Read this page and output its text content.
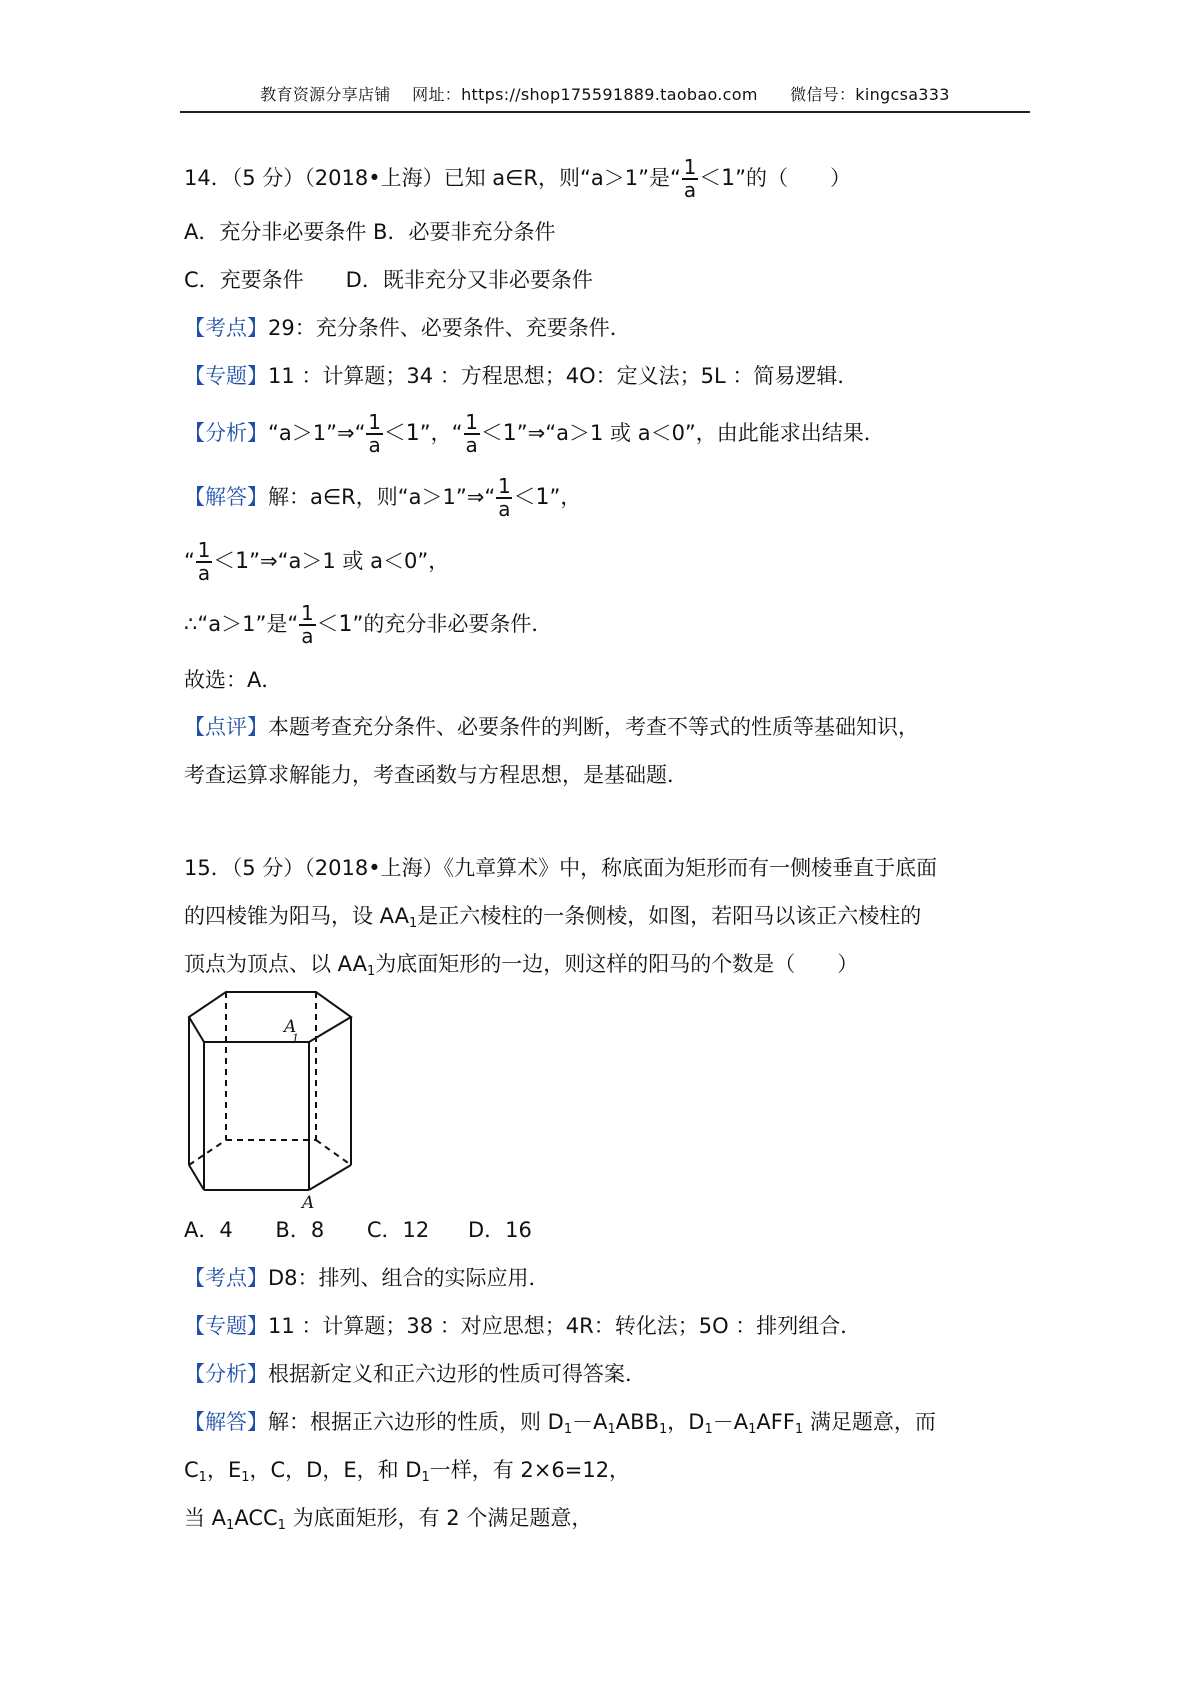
教育资源分享店铺    网址：https://shop175591889.taobao.com      微信号：kingcsa333
14．（5 分）（2018•上海）已知 a∈R，则“a＞1”是“ $\frac{1}{a} <1$”的（　　）
A．充分非必要条件 B．必要非充分条件
C．充要条件　　D．既非充分又非必要条件
【考点】29：充分条件、必要条件、充要条件．
【专题】11 ：计算题；34 ：方程思想；4O：定义法；5L ：简易逻辑．
【分析】“a＞1”⇒“ $\frac{1}{a} <1$”，“ $\frac{1}{a}$ ＜1”⇒“a＞1 或 a＜0”，由此能求出结果．
【解答】解：a∈R，则“a＞1”⇒“ $\frac{1}{a} <1$”，
“ $\frac{1}{a}$ ＜1”⇒“a＞1 或 a＜0”，
∴“a＞1”是“ $\frac{1}{a} <1$”的充分非必要条件．
故选：A．
【点评】本题考查充分条件、必要条件的判断，考查不等式的性质等基础知识，
考查运算求解能力，考查函数与方程思想，是基础题．
15．（5 分）（2018•上海）《九章算术》中，称底面为矩形而有一侧棱垂直于底面
的四棱锥为阳马，设 $AA_1$是正六棱柱的一条侧棱，如图，若阳马以该正六棱柱的
顶点为顶点、以 $AA_1$为底面矩形的一边，则这样的阳马的个数是（　　）
A
1
A
A．4 B．8 C．12 D．16
【考点】D8：排列、组合的实际应用．
【专题】11 ：计算题；38 ：对应思想；4R：转化法；5O ：排列组合．
【分析】根据新定义和正六边形的性质可得答案．
【解答】解：根据正六边形的性质，则 $D_1-A_1ABB_1$，$D_1-A_1AFF_1$ 满足题意，而
$C_1$，$E_1$，C，D，E，和 $D_1$一样，有 2×6=12，
当 $A_1ACC_1$ 为底面矩形，有 2 个满足题意，
